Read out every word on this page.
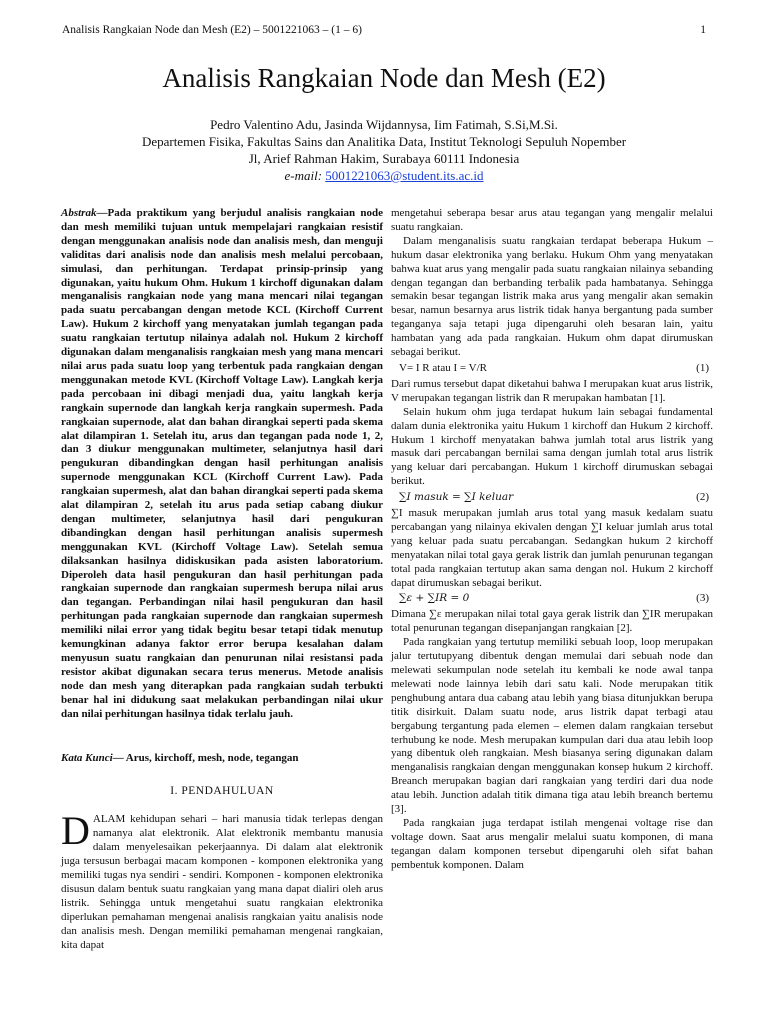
Analisis Rangkaian Node dan Mesh (E2) – 5001221063 – (1 – 6)	1
Analisis Rangkaian Node dan Mesh (E2)
Pedro Valentino Adu, Jasinda Wijdannysa, Iim Fatimah, S.Si,M.Si.
Departemen Fisika, Fakultas Sains dan Analitika Data, Institut Teknologi Sepuluh Nopember
Jl, Arief Rahman Hakim, Surabaya 60111 Indonesia
e-mail: 5001221063@student.its.ac.id

Abstrak—Pada praktikum yang berjudul analisis rangkaian node dan mesh memiliki tujuan untuk mempelajari rangkaian resistif dengan menggunakan analisis node dan analisis mesh, dan menguji validitas dari analisis node dan analisis mesh melalui percobaan, simulasi, dan perhitungan. Terdapat prinsip-prinsip yang digunakan, yaitu hukum Ohm. Hukum 1 kirchoff digunakan dalam menganalisis rangkaian node yang mana mencari nilai tegangan pada suatu percabangan dengan metode KCL (Kirchoff Current Law). Hukum 2 kirchoff yang menyatakan jumlah tegangan pada suatu rangkaian tertutup nilainya adalah nol. Hukum 2 kirchoff digunakan dalam menganalisis rangkaian mesh yang mana mencari nilai arus pada suatu loop yang terbentuk pada rangkaian dengan menggunakan metode KVL (Kirchoff Voltage Law). Langkah kerja pada percobaan ini dibagi menjadi dua, yaitu langkah kerja rangkain supernode dan langkah kerja rangkain supermesh. Pada rangkaian supernode, alat dan bahan dirangkai seperti pada skema alat dilampiran 1. Setelah itu, arus dan tegangan pada node 1, 2, dan 3 diukur menggunakan multimeter, selanjutnya hasil dari pengukuran dibandingkan dengan hasil perhitungan analisis supernode menggunakan KCL (Kirchoff Current Law). Pada rangkaian supermesh, alat dan bahan dirangkai seperti pada skema alat dilampiran 2, setelah itu arus pada setiap cabang diukur dengan multimeter, selanjutnya hasil dari pengukuran dibandingkan dengan hasil perhitungan analisis supermesh menggunakan KVL (Kirchoff Voltage Law). Setelah semua dilaksankan hasilnya didiskusikan pada asisten laboratorium. Diperoleh data hasil pengukuran dan hasil perhitungan pada rangkaian supernode dan rangkaian supermesh berupa nilai arus dan tegangan. Perbandingan nilai hasil pengukuran dan hasil perhitungan pada rangkaian supernode dan rangkaian supermesh memiliki nilai error yang tidak begitu besar tetapi tidak menutup kemungkinan adanya faktor error berupa kesalahan dalam menyusun suatu rangkaian dan penurunan nilai resistansi pada resistor akibat digunakan secara terus menerus. Metode analisis node dan mesh yang diterapkan pada rangkaian sudah terbukti benar hal ini didukung saat melakukan perbandingan nilai ukur dan nilai perhitungan hasilnya tidak terlalu jauh.

Kata Kunci— Arus, kirchoff, mesh, node, tegangan

I. PENDAHULUAN

DALAM kehidupan sehari – hari manusia tidak terlepas dengan namanya alat elektronik. Alat elektronik membantu manusia dalam menyelesaikan pekerjaannya. Di dalam alat elektronik juga tersusun berbagai macam komponen - komponen elektronika yang memiliki tugas nya sendiri - sendiri. Komponen - komponen elektronika disusun dalam bentuk suatu rangkaian yang mana dapat dialiri oleh arus listrik. Sehingga untuk mengetahui suatu rangkaian elektronika diperlukan pemahaman mengenai analisis rangkaian yaitu analisis node dan analisis mesh. Dengan memiliki pemahaman mengenai rangkaian, kita dapat

mengetahui seberapa besar arus atau tegangan yang mengalir melalui suatu rangkaian.

Dalam menganalisis suatu rangkaian terdapat beberapa Hukum – hukum dasar elektronika yang berlaku. Hukum Ohm yang menyatakan bahwa kuat arus yang mengalir pada suatu rangkaian nilainya sebanding dengan tegangan dan berbanding terbalik pada hambatanya. Sehingga semakin besar tegangan listrik maka arus yang mengalir akan semakin besar, namun besarnya arus listrik tidak hanya bergantung pada sumber teganganya saja tetapi juga dipengaruhi oleh besaran lain, yaitu hambatan yang ada pada rangkaian. Hukum ohm dapat dirumuskan sebagai berikut.

V= I R atau I = V/R	(1)

Dari rumus tersebut dapat diketahui bahwa I merupakan kuat arus listrik, V merupakan tegangan listrik dan R merupakan hambatan [1].

Selain hukum ohm juga terdapat hukum lain sebagai fundamental dalam dunia elektronika yaitu Hukum 1 kirchoff dan Hukum 2 kirchoff. Hukum 1 kirchoff menyatakan bahwa jumlah total arus listrik yang masuk dari percabangan bernilai sama dengan jumlah total arus listrik yang keluar dari percabangan. Hukum 1 kirchoff dirumuskan sebagai berikut.

∑I masuk = ∑I keluar	(2)

∑I masuk merupakan jumlah arus total yang masuk kedalam suatu percabangan yang nilainya ekivalen dengan ∑I keluar jumlah arus total yang keluar pada suatu percabangan. Sedangkan hukum 2 kirchoff menyatakan nilai total gaya gerak listrik dan jumlah penurunan tegangan total pada rangkaian tertutup akan sama dengan nol. Hukum 2 kirchoff dapat dirumuskan sebagai berikut.

∑ε + ∑IR = 0	(3)

Dimana ∑ε merupakan nilai total gaya gerak listrik dan ∑IR merupakan total penurunan tegangan disepanjangan rangkaian [2].

Pada rangkaian yang tertutup memiliki sebuah loop, loop merupakan jalur tertutupyang dibentuk dengan memulai dari sebuah node dan melewati sekumpulan node setelah itu kembali ke node awal tanpa melewati node lainnya lebih dari satu kali. Node merupakan titik penghubung antara dua cabang atau lebih yang biasa ditunjukkan berupa titik disirkuit. Dalam suatu node, arus listrik dapat terbagi atau bergabung tergantung pada elemen – elemen dalam rangkaian tersebut terhubung ke node. Mesh merupakan kumpulan dari dua atau lebih loop yang dibentuk oleh rangkaian. Mesh biasanya sering digunakan dalam menganalisis rangkaian dengan menggunakan konsep hukum 2 kirchoff. Breanch merupakan bagian dari rangkaian yang terdiri dari dua node atau lebih. Junction adalah titik dimana tiga atau lebih breanch bertemu [3].

Pada rangkaian juga terdapat istilah mengenai voltage rise dan voltage down. Saat arus mengalir melalui suatu komponen, di mana tegangan dalam komponen tersebut dipengaruhi oleh sifat bahan pembentuk komponen. Dalam
